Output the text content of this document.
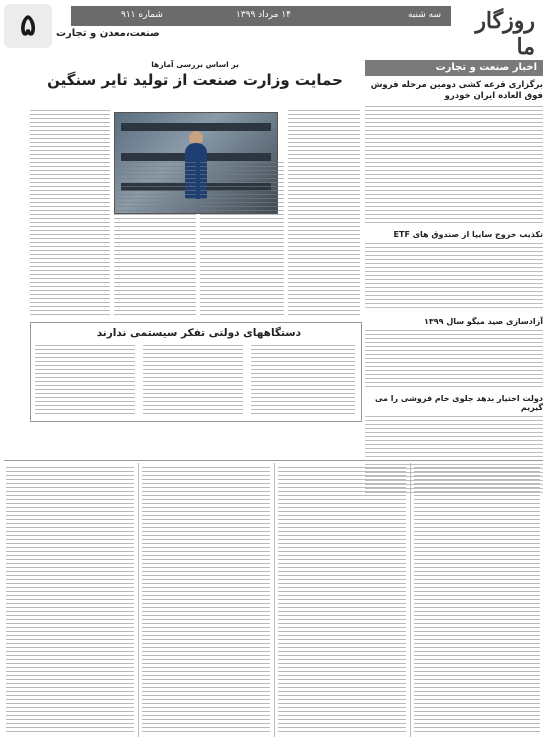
روزگار ما
سه شنبه
۱۴ مرداد ۱۳۹۹
شماره ۹۱۱
صنعت،معدن و تجارت
۵
اخبار صنعت و تجارت
برگزاری قرعه کشی دومین مرحله فروش فوق العاده ایران خودرو
تکذیب خروج سایپا از صندوق های ETF
آزادسازی صید میگو سال ۱۳۹۹
دولت اختیار بدهد جلوی خام فروشی را می گیریم
بر اساس بررسی آمارها
حمایت وزارت صنعت از تولید تایر سنگین
دستگاههای دولتی تفکر سیستمی ندارند
